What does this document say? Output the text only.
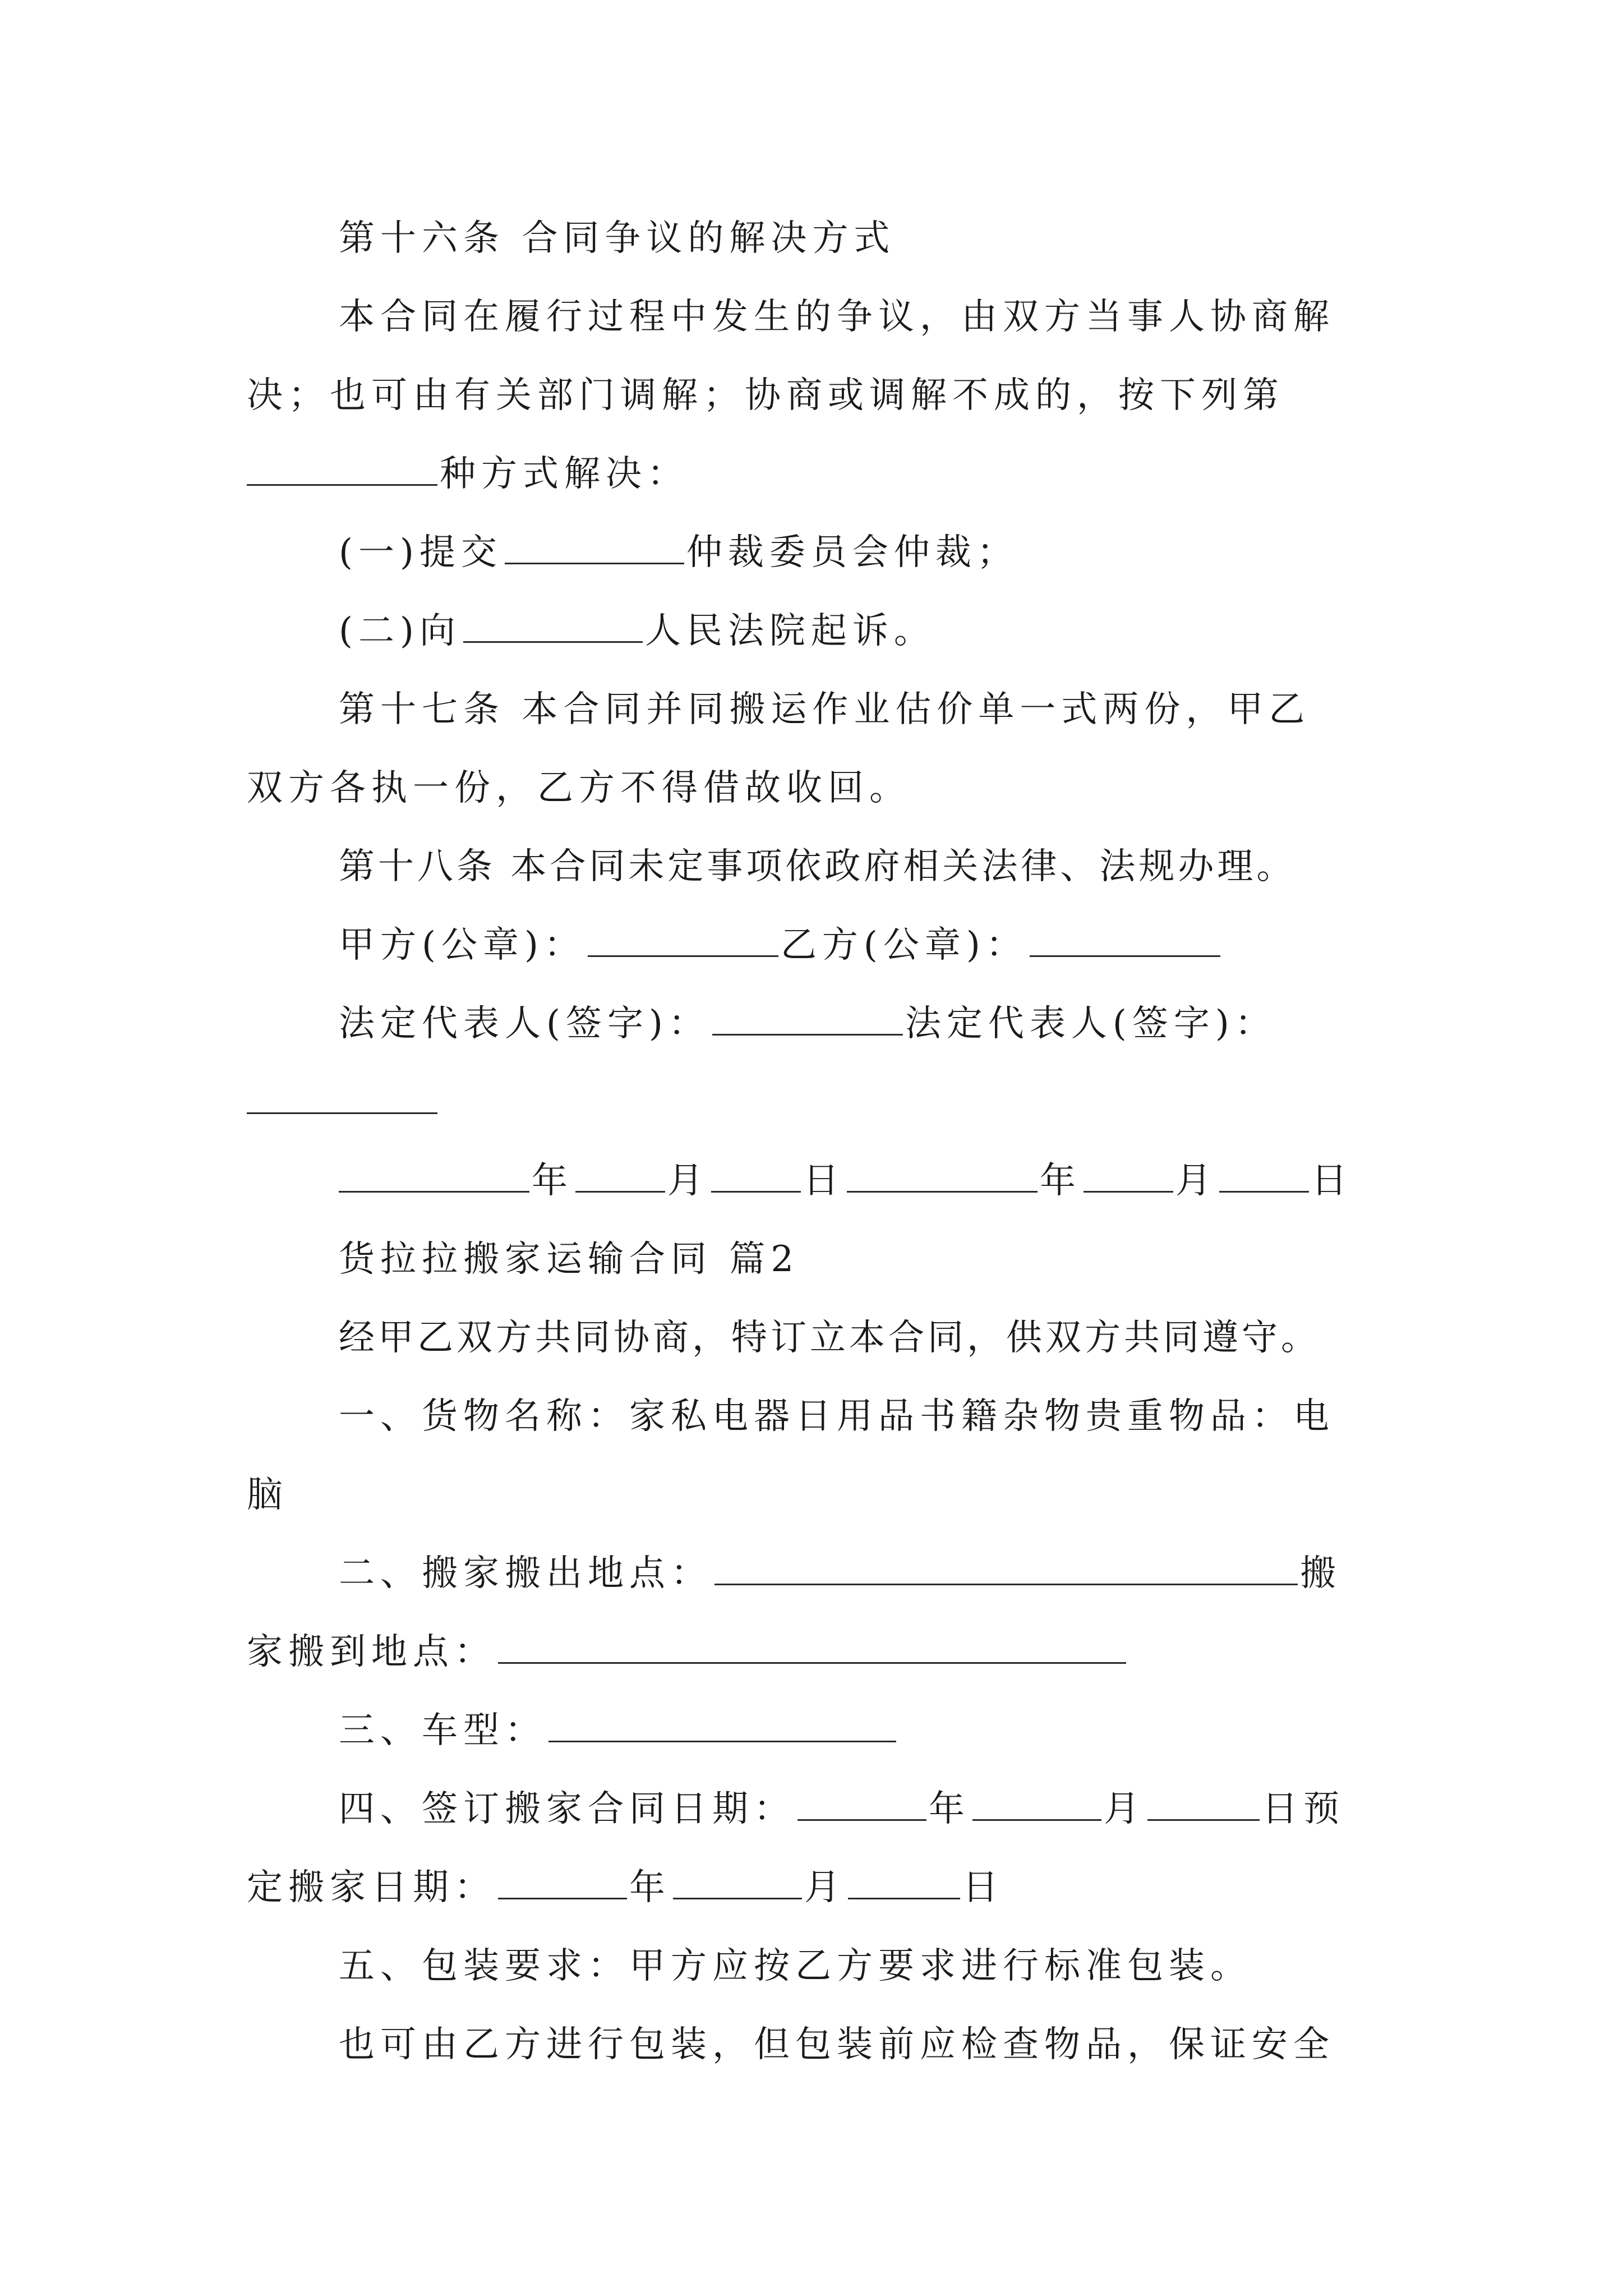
第十六条 合同争议的解决方式
本合同在履行过程中发生的争议，由双方当事人协商解
决；也可由有关部门调解；协商或调解不成的，按下列第
种方式解决：
(一)提交	仲裁委员会仲裁；
(二)向	人民法院起诉。
第十七条 本合同并同搬运作业估价单一式两份，甲乙
双方各执一份，乙方不得借故收回。
第十八条 本合同未定事项依政府相关法律、法规办理。
甲方(公章)：	乙方(公章)：
法定代表人(签字)：	法定代表人(签字)：
年	月	日	年	月	日
货拉拉搬家运输合同 篇2
经甲乙双方共同协商，特订立本合同，供双方共同遵守。
一、货物名称：家私电器日用品书籍杂物贵重物品：电
脑
二、搬家搬出地点：	搬
家搬到地点：
三、车型：
四、签订搬家合同日期：	年	月	日预
定搬家日期：	年	月	日
五、包装要求：甲方应按乙方要求进行标准包装。
也可由乙方进行包装，但包装前应检查物品，保证安全
